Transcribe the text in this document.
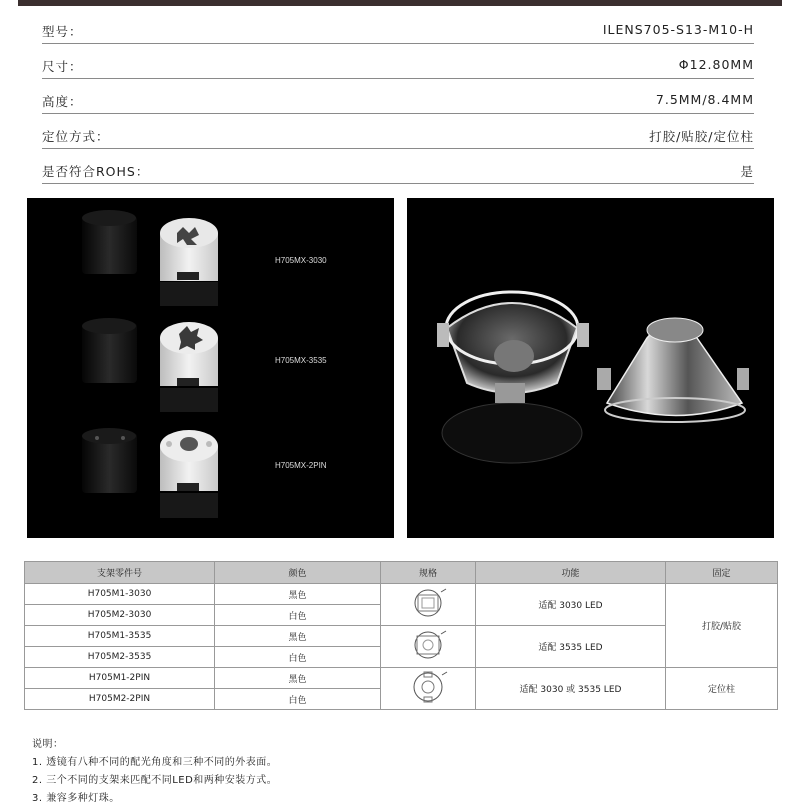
型号：	ILENS705-S13-M10-H
尺寸：	Φ12.80MM
高度：	7.5MM/8.4MM
定位方式：	打胶/贴胶/定位柱
是否符合ROHS：	是
H705MX-3030
H705MX-3535
H705MX-2PIN
支架零件号	颜色	规格	功能	固定
H705M1-3030	黑色		适配 3030 LED	打胶/贴胶
H705M2-3030	白色			
H705M1-3535	黑色		适配 3535 LED	
H705M2-3535	白色			
H705M1-2PIN	黑色		适配 3030 或 3535 LED	定位柱
H705M2-2PIN	白色			
说明：
1. 透镜有八种不同的配光角度和三种不同的外表面。
2. 三个不同的支架来匹配不同LED和两种安装方式。
3. 兼容多种灯珠。
